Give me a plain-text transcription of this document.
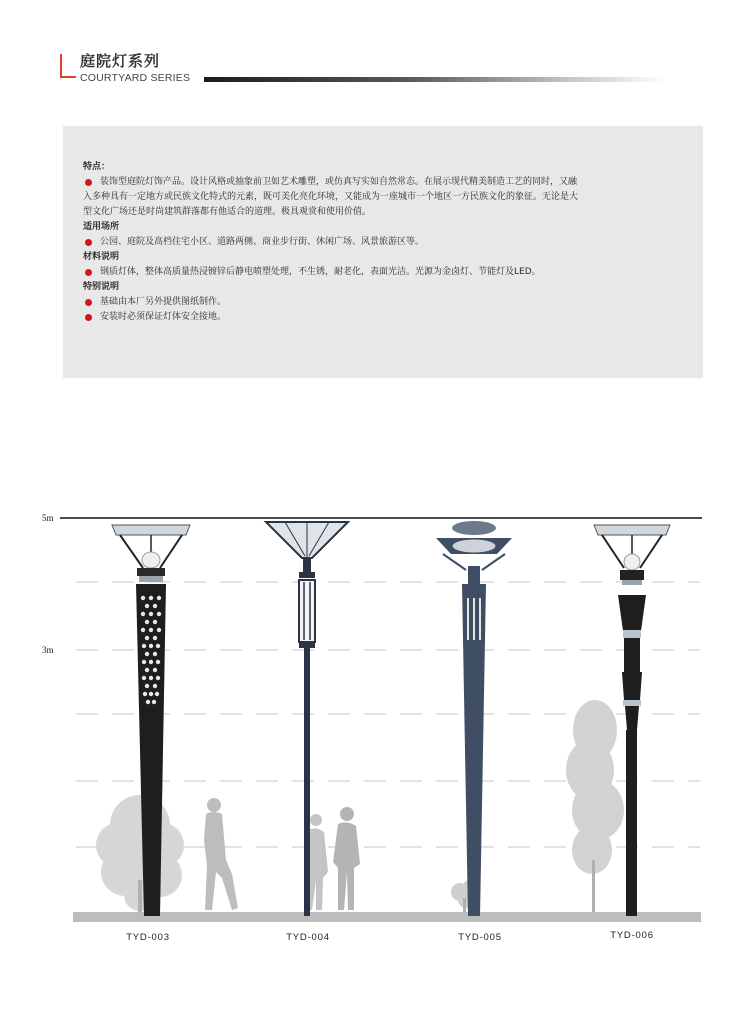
庭院灯系列
COURTYARD SERIES
特点：
装饰型庭院灯饰产品。设计风格或抽象前卫如艺术雕塑，或仿真写实如自然常态。在展示现代精美制造工艺的同时，又融
入多种具有一定地方或民族文化特式的元素，既可美化亮化环境，又能成为一座城市一个地区一方民族文化的象征。无论是大
型文化广场还是时尚建筑群落都有他适合的道理。极具观赏和使用价值。
适用场所
公园、庭院及高档住宅小区、道路两侧、商业步行街、休闲广场、风景旅游区等。
材料说明
钢质灯体，整体高质量热浸镀锌后静电喷塑处理，不生锈，耐老化，表面光洁。光源为金卤灯、节能灯及LED。
特别说明
基础由本厂另外提供图纸制作。
安装时必须保证灯体安全接地。
5m
3m
TYD-003	TYD-004	TYD-005	TYD-006
